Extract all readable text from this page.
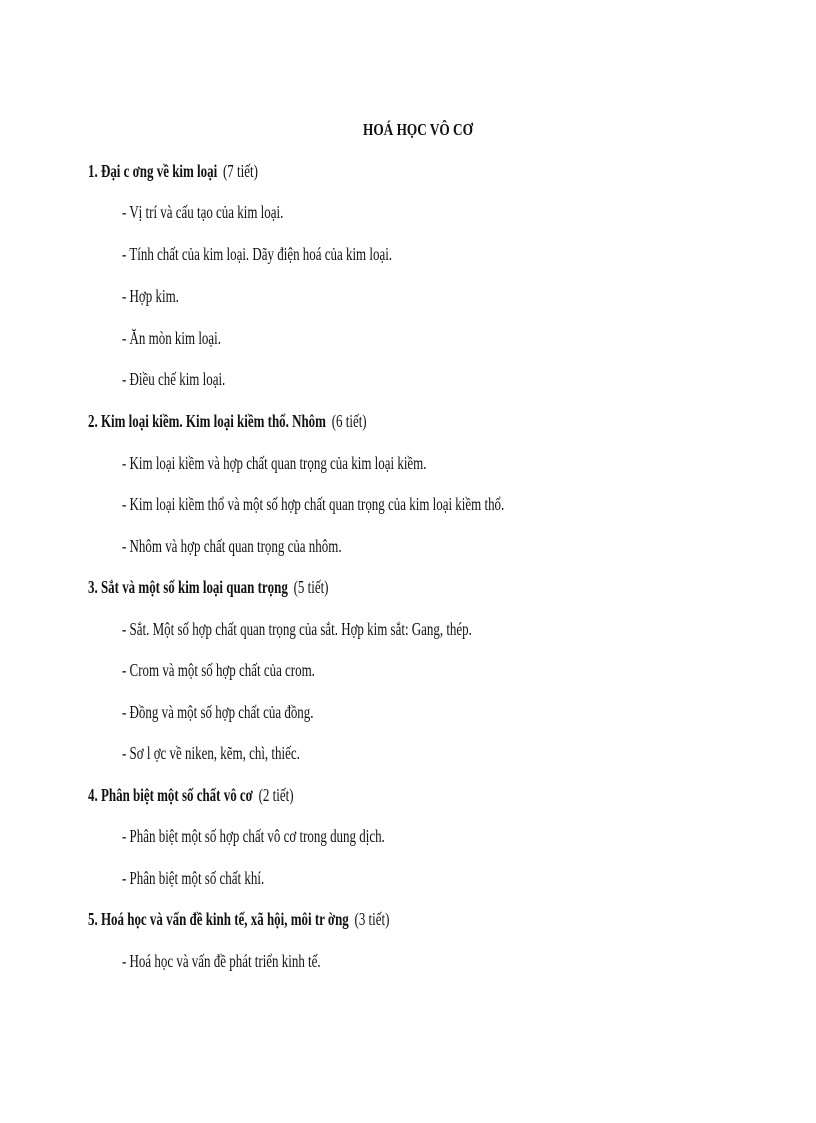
HOÁ HỌC VÔ CƠ
1. Đại c ơng về kim loại (7 tiết)
- Vị trí và cấu tạo của kim loại.
- Tính chất của kim loại. Dãy điện hoá của kim loại.
- Hợp kim.
- Ăn mòn kim loại.
- Điều chế kim loại.
2. Kim loại kiềm. Kim loại kiềm thổ. Nhôm (6 tiết)
- Kim loại kiềm và hợp chất quan trọng của kim loại kiềm.
- Kim loại kiềm thổ và một số hợp chất quan trọng của kim loại kiềm thổ.
- Nhôm và hợp chất quan trọng của nhôm.
3. Sắt và một số kim loại quan trọng (5 tiết)
- Sắt. Một số hợp chất quan trọng của sắt. Hợp kim sắt: Gang, thép.
- Crom và một số hợp chất của crom.
- Đồng và một số hợp chất của đồng.
- Sơ l ợc về niken, kẽm, chì, thiếc.
4. Phân biệt một số chất vô cơ (2 tiết)
- Phân biệt một số hợp chất vô cơ trong dung dịch.
- Phân biệt một số chất khí.
5. Hoá học và vấn đề kinh tế, xã hội, môi tr ờng (3 tiết)
- Hoá học và vấn đề phát triển kinh tế.
